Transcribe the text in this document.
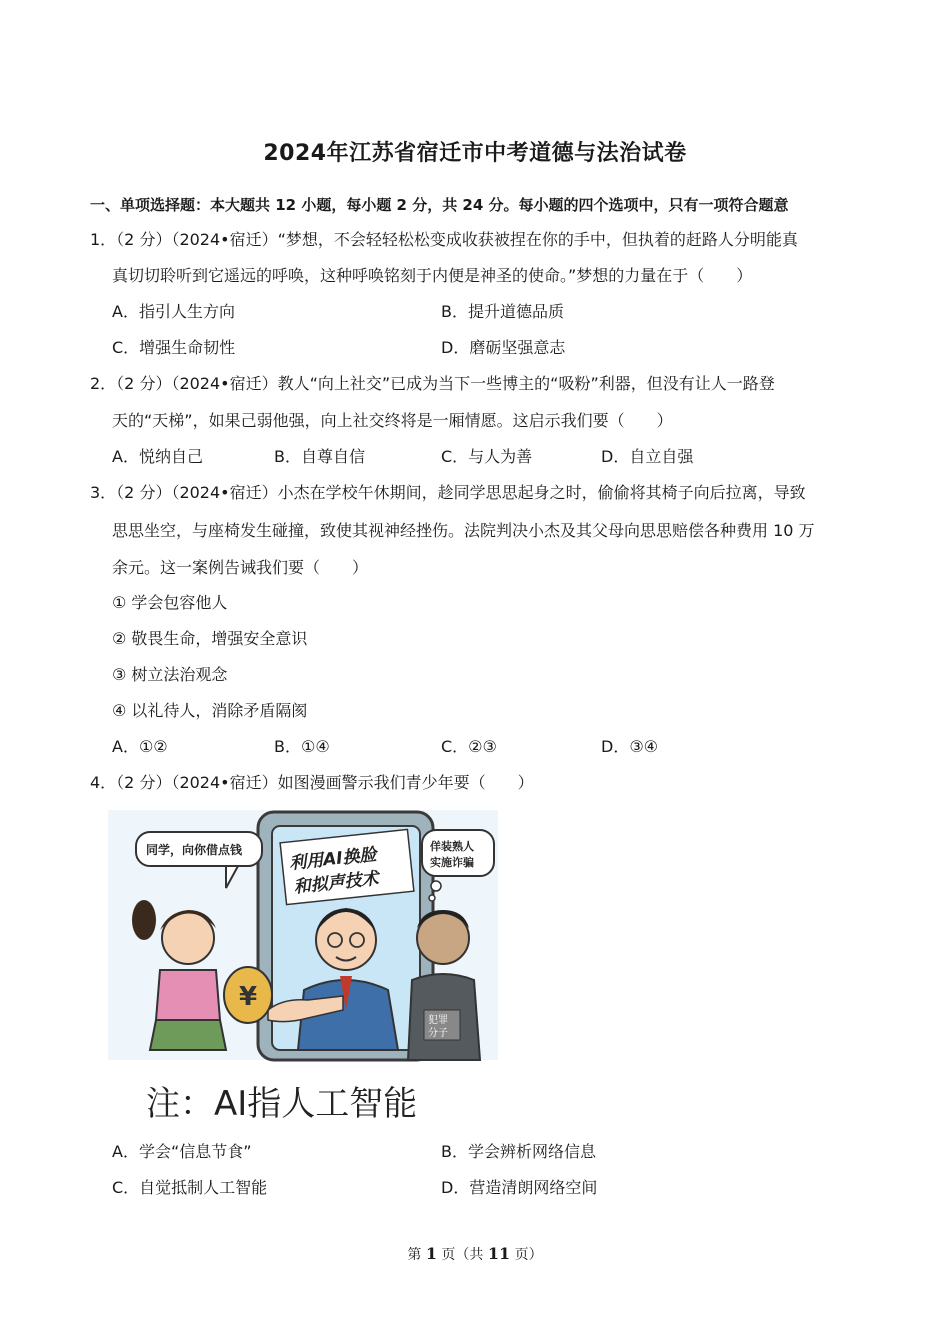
2024年江苏省宿迁市中考道德与法治试卷
一、单项选择题：本大题共 12 小题，每小题 2 分，共 24 分。每小题的四个选项中，只有一项符合题意
1．（2 分）（2024•宿迁）“梦想，不会轻轻松松变成收获被捏在你的手中，但执着的赶路人分明能真
真切切聆听到它遥远的呼唤，这种呼唤铭刻于内便是神圣的使命。”梦想的力量在于（　　）
A．指引人生方向	B．提升道德品质
C．增强生命韧性	D．磨砺坚强意志
2．（2 分）（2024•宿迁）教人“向上社交”已成为当下一些博主的“吸粉”利器，但没有让人一路登
天的“天梯”，如果己弱他强，向上社交终将是一厢情愿。这启示我们要（　　）
A．悦纳自己	B．自尊自信	C．与人为善	D．自立自强
3．（2 分）（2024•宿迁）小杰在学校午休期间，趁同学思思起身之时，偷偷将其椅子向后拉离，导致
思思坐空，与座椅发生碰撞，致使其视神经挫伤。法院判决小杰及其父母向思思赔偿各种费用 10 万
余元。这一案例告诫我们要（　　）
① 学会包容他人
② 敬畏生命，增强安全意识
③ 树立法治观念
④ 以礼待人，消除矛盾隔阂
A．①②	B．①④	C．②③	D．③④
4．（2 分）（2024•宿迁）如图漫画警示我们青少年要（　　）
利用AI换脸
和拟声技术
¥
犯罪
分子
同学，向你借点钱	佯装熟人
实施诈骗
注：AI指人工智能
A．学会“信息节食”	B．学会辨析网络信息
C．自觉抵制人工智能	D．营造清朗网络空间
第 1 页（共 11 页）
